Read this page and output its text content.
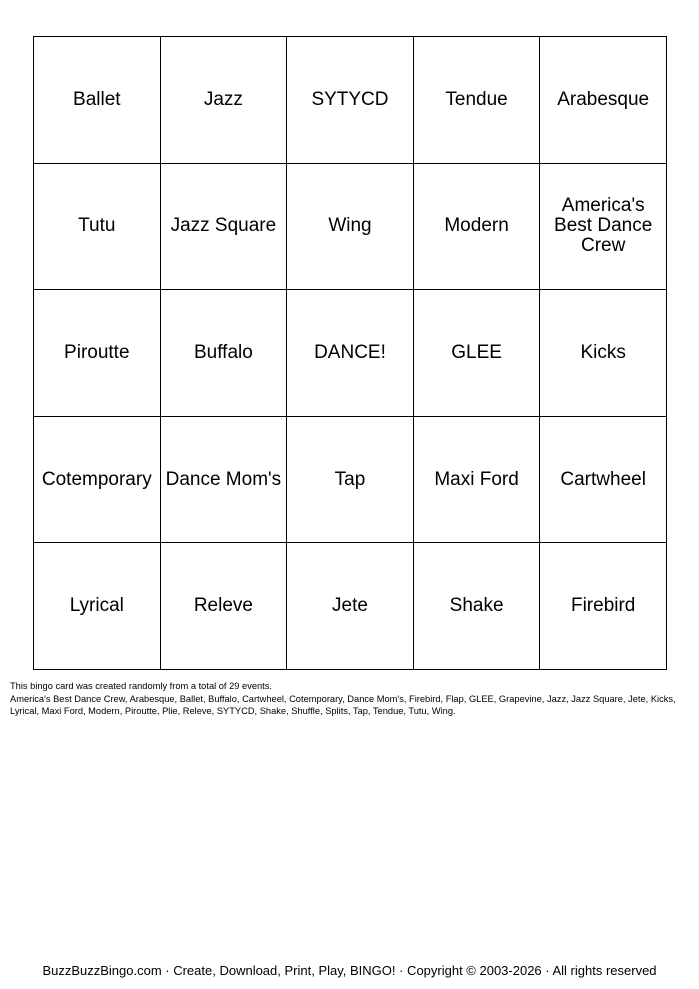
Ballet	Jazz	SYTYCD	Tendue	Arabesque
Tutu	Jazz Square	Wing	Modern	America's Best Dance Crew
Piroutte	Buffalo	DANCE!	GLEE	Kicks
Cotemporary	Dance Mom's	Tap	Maxi Ford	Cartwheel
Lyrical	Releve	Jete	Shake	Firebird

This bingo card was created randomly from a total of 29 events.

America's Best Dance Crew, Arabesque, Ballet, Buffalo, Cartwheel, Cotemporary, Dance Mom's, Firebird, Flap, GLEE, Grapevine, Jazz, Jazz Square, Jete, Kicks, Lyrical, Maxi Ford, Modern, Piroutte, Plie, Releve, SYTYCD, Shake, Shuffle, Splits, Tap, Tendue, Tutu, Wing.

BuzzBuzzBingo.com · Create, Download, Print, Play, BINGO! · Copyright © 2003-2026 · All rights reserved
